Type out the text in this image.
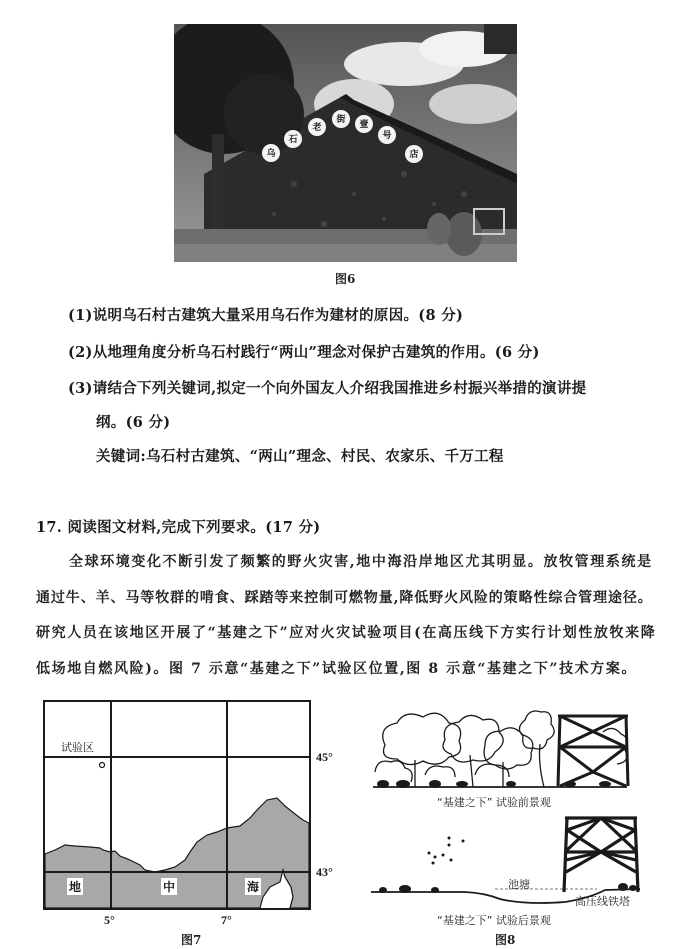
乌
石
老
街	壹
号
店
图6
(1)说明乌石村古建筑大量采用乌石作为建材的原因。(8 分)
(2)从地理角度分析乌石村践行“两山”理念对保护古建筑的作用。(6 分)
(3)请结合下列关键词,拟定一个向外国友人介绍我国推进乡村振兴举措的演讲提
纲。(6 分)
关键词:乌石村古建筑、“两山”理念、村民、农家乐、千万工程
17. 阅读图文材料,完成下列要求。(17 分)
全球环境变化不断引发了频繁的野火灾害,地中海沿岸地区尤其明显。放牧管理系统是
通过牛、羊、马等牧群的啃食、踩踏等来控制可燃物量,降低野火风险的策略性综合管理途径。
研究人员在该地区开展了“基建之下”应对火灾试验项目(在高压线下方实行计划性放牧来降
低场地自燃风险)。图 7 示意“基建之下”试验区位置,图 8 示意“基建之下”技术方案。
试验区
地	中	海
45°
43°
5°	7°
图7
“基建之下” 试验前景观
池塘
高压线铁塔
“基建之下” 试验后景观
图8
